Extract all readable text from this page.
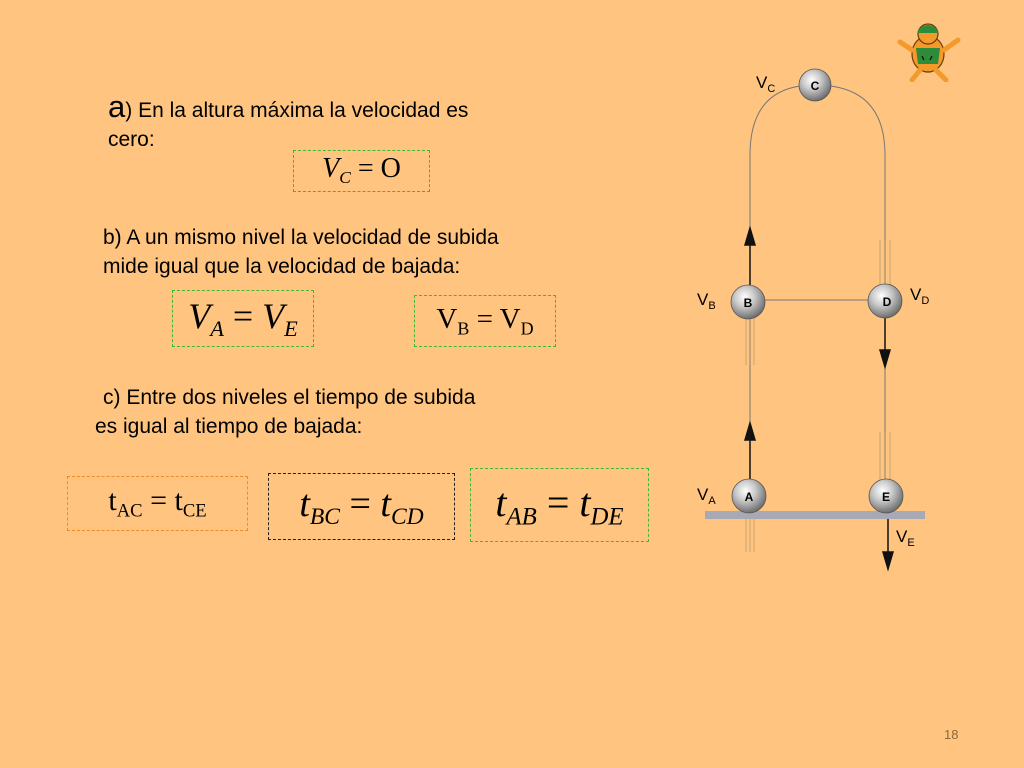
a) En la altura máxima la velocidad es
cero:
$V_C = O$
b) A un mismo nivel la velocidad de subida
mide igual que la velocidad de bajada:
$V_A = V_E$	$V_B = V_D$
c) Entre dos niveles el tiempo de subida
es igual al tiempo de bajada:
$t_{AC} = t_{CE}$ $t_{BC} = t_{CD}$ $t_{AB} = t_{DE}$
C
B	D
A	E
$V_C$
$V_B$
$V_D$
$V_A$
$V_E$
18
